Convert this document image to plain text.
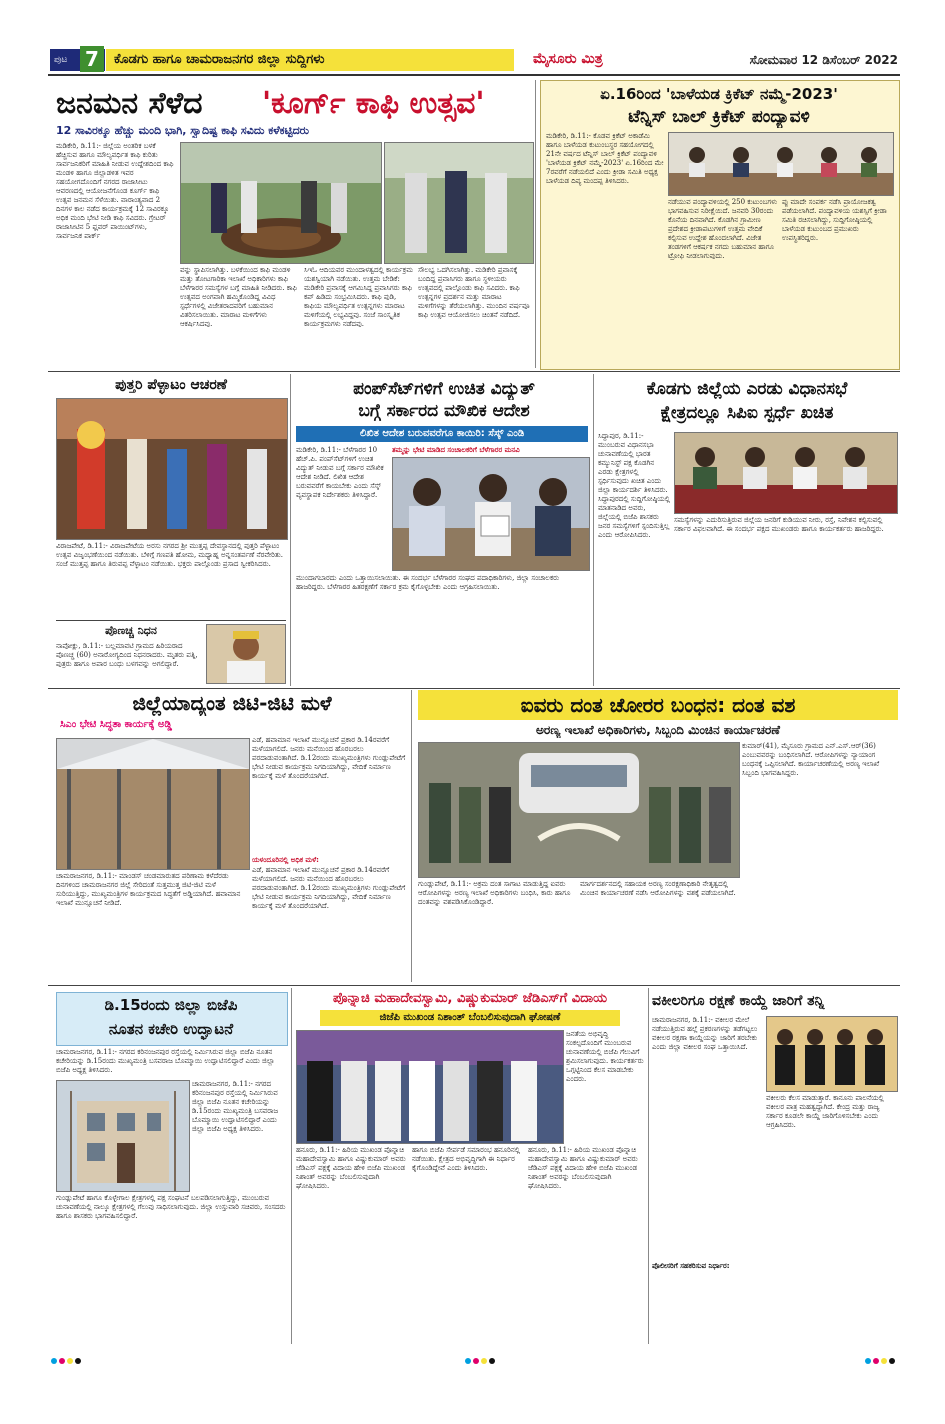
ಪುಟ 7	ಕೊಡಗು ಹಾಗೂ ಚಾಮರಾಜನಗರ ಜಿಲ್ಲಾ ಸುದ್ದಿಗಳು	ಮೈಸೂರು ಮಿತ್ರ	ಸೋಮವಾರ 12 ಡಿಸೆಂಬರ್ 2022
ಜನಮನ ಸೆಳೆದ 'ಕೂರ್ಗ್ ಕಾಫಿ ಉತ್ಸವ'
12 ಸಾವಿರಕ್ಕೂ ಹೆಚ್ಚು ಮಂದಿ ಭಾಗಿ, ಸ್ವಾದಿಷ್ಟ ಕಾಫಿ ಸವಿದು ಕಳೆಕಟ್ಟಿದರು
ಮಡಿಕೇರಿ, ಡಿ.11:- ಜಿಲ್ಲೆಯ ಅಂತರಿಕ ಬಳಕೆ ಹೆಚ್ಚಿಸುವ ಹಾಗೂ ಮೌಲ್ಯವರ್ಧಿತ ಕಾಫಿ ಕುರಿತು ಸಾರ್ವಜನಿಕರಿಗೆ ಮಾಹಿತಿ ನೀಡುವ ಉದ್ದೇಶದಿಂದ ಕಾಫಿ ಮಂಡಳಿ ಹಾಗೂ ಜಿಲ್ಲಾಡಳಿತ ಇವರ ಸಹಯೋಗದೊಂದಿಗೆ ನಗರದ ರಾಜಾಸೀಟು ಆವರಣದಲ್ಲಿ ಆಯೋಜನೆಗೊಂಡ ಕೂರ್ಗ್ ಕಾಫಿ ಉತ್ಸವ ಜನಮನ ಸೆಳೆಯಿತು. ವಾರಾಂತ್ಯವಾದ 2 ದಿನಗಳ ಕಾಲ ನಡೆದ ಕಾರ್ಯಕ್ರಮಕ್ಕೆ 12 ಸಾವಿರಕ್ಕೂ ಅಧಿಕ ಮಂದಿ ಭೇಟಿ ನೀಡಿ ಕಾಫಿ ಸವಿದರು. ಗ್ರೇಟರ್ ರಾಜಾಸೀಟಿನ 5 ಫ್ಲವರ್ ಪಾಯಿಂಟ್‌ಗಳು, ಸಾರ್ವಜನಿಕ ಪಾರ್ಕ್‌
ವನ್ನು ಸ್ಥಾಪಿಸಲಾಗಿತ್ತು. ಬಳಕೆಯಿಂದ ಕಾಫಿ ಮಂಡಳಿ ಮತ್ತು ತೋಟಗಾರಿಕಾ ಇಲಾಖೆ ಅಧಿಕಾರಿಗಳು ಕಾಫಿ ಬೆಳೆಗಾರರ ಸಮಸ್ಯೆಗಳ ಬಗ್ಗೆ ಮಾಹಿತಿ ನೀಡಿದರು. ಕಾಫಿ ಉತ್ಸವದ ಅಂಗವಾಗಿ ಹಮ್ಮಿಕೊಂಡಿದ್ದ ವಿವಿಧ ಸ್ಪರ್ಧೆಗಳಲ್ಲಿ ವಿಜೇತರಾದವರಿಗೆ ಬಹುಮಾನ ವಿತರಿಸಲಾಯಿತು. ಮಾರಾಟ ಮಳಿಗೆಗಳು ಆಕರ್ಷಿಸಿದವು.
ಸಿಇಓ ಆದಿಯವರ ಮುಂದಾಳತ್ವದಲ್ಲಿ ಕಾರ್ಯಕ್ರಮ ಯಶಸ್ವಿಯಾಗಿ ನಡೆಯಿತು. ಉತ್ತಮ ಬೇಡಿಕೆ: ಮಡಿಕೇರಿ ಪ್ರವಾಸಕ್ಕೆ ಆಗಮಿಸಿದ್ದ ಪ್ರವಾಸಿಗರು ಕಾಫಿ ಕಪ್ ಹಿಡಿದು ಸಂಭ್ರಮಿಸಿದರು. ಕಾಫಿ ಪುಡಿ, ಕಾಫಿಯ ಮೌಲ್ಯವರ್ಧಿತ ಉತ್ಪನ್ನಗಳು ಮಾರಾಟ ಮಳಿಗೆಯಲ್ಲಿ ಲಭ್ಯವಿದ್ದವು. ಸಂಜೆ ಸಾಂಸ್ಕೃತಿಕ ಕಾರ್ಯಕ್ರಮಗಳು ನಡೆದವು.
ಸೌಲಭ್ಯ ಒದಗಿಸಲಾಗಿತ್ತು. ಮಡಿಕೇರಿ ಪ್ರವಾಸಕ್ಕೆ ಬಂದಿದ್ದ ಪ್ರವಾಸಿಗರು ಹಾಗೂ ಸ್ಥಳೀಯರು ಉತ್ಸವದಲ್ಲಿ ಪಾಲ್ಗೊಂಡು ಕಾಫಿ ಸವಿದರು. ಕಾಫಿ ಉತ್ಪನ್ನಗಳ ಪ್ರದರ್ಶನ ಮತ್ತು ಮಾರಾಟ ಮಳಿಗೆಗಳನ್ನು ತೆರೆಯಲಾಗಿತ್ತು. ಮುಂದಿನ ವರ್ಷವೂ ಕಾಫಿ ಉತ್ಸವ ಆಯೋಜಿಸಲು ಚಿಂತನೆ ನಡೆದಿದೆ.
ಏ.16ರಿಂದ 'ಬಾಳೆಯಡ ಕ್ರಿಕೆಟ್ ನಮ್ಮೆ-2023'
ಟೆನ್ನಿಸ್ ಬಾಲ್ ಕ್ರಿಕೆಟ್ ಪಂದ್ಯಾವಳಿ
ಮಡಿಕೇರಿ, ಡಿ.11:- ಕೊಡವ ಕ್ರಿಕೆಟ್ ಅಕಾಡೆಮಿ ಹಾಗೂ ಬಾಳೆಯಡ ಕುಟುಂಬಸ್ಥರ ಸಹಯೋಗದಲ್ಲಿ 21ನೇ ವರ್ಷದ ಟೆನ್ನಿಸ್ ಬಾಲ್ ಕ್ರಿಕೆಟ್ ಪಂದ್ಯಾವಳಿ 'ಬಾಳೆಯಡ ಕ್ರಿಕೆಟ್ ನಮ್ಮೆ-2023' ಏ.16ರಿಂದ ಮೇ 7ರವರೆಗೆ ನಡೆಯಲಿದೆ ಎಂದು ಕ್ರೀಡಾ ಸಮಿತಿ ಅಧ್ಯಕ್ಷ ಬಾಳೆಯಡ ದಿವ್ಯ ಮಂದಪ್ಪ ತಿಳಿಸಿದರು.
ನಡೆಯುವ ಪಂದ್ಯಾವಳಿಯಲ್ಲಿ 250 ಕುಟುಂಬಗಳು ಭಾಗವಹಿಸುವ ನಿರೀಕ್ಷೆಯಿದೆ. ಜನವರಿ 30ರಂದು ಕೊನೆಯ ದಿನವಾಗಿದೆ. ಕೊಡಗಿನ ಗ್ರಾಮೀಣ ಪ್ರದೇಶದ ಕ್ರೀಡಾಪಟುಗಳಿಗೆ ಉತ್ತಮ ವೇದಿಕೆ ಕಲ್ಪಿಸುವ ಉದ್ದೇಶ ಹೊಂದಲಾಗಿದೆ. ವಿಜೇತ ತಂಡಗಳಿಗೆ ಆಕರ್ಷಕ ನಗದು ಬಹುಮಾನ ಹಾಗೂ ಟ್ರೋಫಿ ನೀಡಲಾಗುವುದು.
ಪ್ಪು ಮಾದೇ ಸಂಪರ್ಕ ನಡೆಸಿ ಪ್ರಾಯೋಜಕತ್ವ ಪಡೆಯಲಾಗಿದೆ. ಪಂದ್ಯಾವಳಿಯ ಯಶಸ್ಸಿಗೆ ಕ್ರೀಡಾ ಸಮಿತಿ ರಚಿಸಲಾಗಿದ್ದು, ಸುದ್ದಿಗೋಷ್ಠಿಯಲ್ಲಿ ಬಾಳೆಯಡ ಕುಟುಂಬದ ಪ್ರಮುಖರು ಉಪಸ್ಥಿತರಿದ್ದರು.
ಪುತ್ತರಿ ಪೆಳ್ಳಾಟಂ ಆಚರಣೆ
ವಿರಾಜಪೇಟೆ, ಡಿ.11:- ವಿರಾಜಪೇಟೆಯ ಅರಸು ನಗರದ ಶ್ರೀ ಮುತ್ತಪ್ಪ ದೇವಸ್ಥಾನದಲ್ಲಿ ಪುತ್ತರಿ ಪೆಳ್ಳಾಟಂ ಉತ್ಸವ ವಿಜೃಂಭಣೆಯಿಂದ ನಡೆಯಿತು. ಬೆಳಿಗ್ಗೆ ಗಣಪತಿ ಹೋಮ, ಮಧ್ಯಾಹ್ನ ಅನ್ನಸಂತರ್ಪಣೆ ನೆರವೇರಿತು. ಸಂಜೆ ಮುತ್ತಪ್ಪ ಹಾಗೂ ತಿರುವಪ್ಪ ವೆಳ್ಳಾಟಂ ನಡೆಯಿತು. ಭಕ್ತರು ಪಾಲ್ಗೊಂಡು ಪ್ರಸಾದ ಸ್ವೀಕರಿಸಿದರು.
ಪೊಣಚ್ಚ ನಿಧನ
ನಾಪೋಕ್ಲು, ಡಿ.11:- ಬಲ್ಲಮಾವಟಿ ಗ್ರಾಮದ ಹಿರಿಯರಾದ ಪೊಣಚ್ಚ (60) ಅನಾರೋಗ್ಯದಿಂದ ನಿಧನರಾದರು. ಮೃತರು ಪತ್ನಿ, ಪುತ್ರರು ಹಾಗೂ ಅಪಾರ ಬಂಧು ಬಳಗವನ್ನು ಅಗಲಿದ್ದಾರೆ.
ಪಂಪ್‌ಸೆಟ್‌ಗಳಿಗೆ ಉಚಿತ ವಿದ್ಯುತ್
ಬಗ್ಗೆ ಸರ್ಕಾರದ ಮೌಖಿಕ ಆದೇಶ
ಲಿಖಿತ ಆದೇಶ ಬರುವವರೆಗೂ ಕಾಯಿರಿ: ಸೆಸ್ಕ್ ಎಂಡಿ
ಮಡಿಕೇರಿ, ಡಿ.11:- ಬೆಳೆಗಾರರ 10 ಹೆಚ್.ಪಿ. ಪಂಪ್‌ಸೆಟ್‌ಗಳಿಗೆ ಉಚಿತ ವಿದ್ಯುತ್ ನೀಡುವ ಬಗ್ಗೆ ಸರ್ಕಾರ ಮೌಖಿಕ ಆದೇಶ ನೀಡಿದೆ. ಲಿಖಿತ ಆದೇಶ ಬರುವವರೆಗೆ ಕಾಯಬೇಕು ಎಂದು ಸೆಸ್ಕ್ ವ್ಯವಸ್ಥಾಪಕ ನಿರ್ದೇಶಕರು ತಿಳಿಸಿದ್ದಾರೆ.
ತಮ್ಮನ್ನು ಭೇಟಿ ಮಾಡಿದ ಸಂಚಾಲಕರಿಗೆ ಬೆಳೆಗಾರರ ಮನವಿ
ಮುಂದಾಗಬಾರದು ಎಂದು ಒತ್ತಾಯಿಸಲಾಯಿತು. ಈ ಸಂದರ್ಭ ಬೆಳೆಗಾರರ ಸಂಘದ ಪದಾಧಿಕಾರಿಗಳು, ಜಿಲ್ಲಾ ಸಂಚಾಲಕರು ಹಾಜರಿದ್ದರು. ಬೆಳೆಗಾರರ ಹಿತರಕ್ಷಣೆಗೆ ಸರ್ಕಾರ ಕ್ರಮ ಕೈಗೊಳ್ಳಬೇಕು ಎಂದು ಆಗ್ರಹಿಸಲಾಯಿತು.
ಕೊಡಗು ಜಿಲ್ಲೆಯ ಎರಡು ವಿಧಾನಸಭೆ
ಕ್ಷೇತ್ರದಲ್ಲೂ ಸಿಪಿಐ ಸ್ಪರ್ಧೆ ಖಚಿತ
ಸಿದ್ದಾಪುರ, ಡಿ.11:- ಮುಂಬರುವ ವಿಧಾನಸಭಾ ಚುನಾವಣೆಯಲ್ಲಿ ಭಾರತ ಕಮ್ಯುನಿಸ್ಟ್ ಪಕ್ಷ ಕೊಡಗಿನ ಎರಡು ಕ್ಷೇತ್ರಗಳಲ್ಲಿ ಸ್ಪರ್ಧಿಸುವುದು ಖಚಿತ ಎಂದು ಜಿಲ್ಲಾ ಕಾರ್ಯದರ್ಶಿ ತಿಳಿಸಿದರು. ಸಿದ್ದಾಪುರದಲ್ಲಿ ಸುದ್ದಿಗೋಷ್ಠಿಯಲ್ಲಿ ಮಾತನಾಡಿದ ಅವರು, ಜಿಲ್ಲೆಯಲ್ಲಿ ಬಿಜೆಪಿ ಶಾಸಕರು ಜನರ ಸಮಸ್ಯೆಗಳಿಗೆ ಸ್ಪಂದಿಸುತ್ತಿಲ್ಲ ಎಂದು ಆರೋಪಿಸಿದರು.
ಸಮಸ್ಯೆಗಳನ್ನು ಎದುರಿಸುತ್ತಿರುವ ಜಿಲ್ಲೆಯ ಜನರಿಗೆ ಕುಡಿಯುವ ನೀರು, ರಸ್ತೆ, ನಿವೇಶನ ಕಲ್ಪಿಸುವಲ್ಲಿ ಸರ್ಕಾರ ವಿಫಲವಾಗಿದೆ. ಈ ಸಂದರ್ಭ ಪಕ್ಷದ ಮುಖಂಡರು ಹಾಗೂ ಕಾರ್ಯಕರ್ತರು ಹಾಜರಿದ್ದರು.
ಜಿಲ್ಲೆಯಾದ್ಯಂತ ಜಿಟಿ-ಜಿಟಿ ಮಳೆ
ಸಿಎಂ ಭೇಟಿ ಸಿದ್ಧತಾ ಕಾರ್ಯಕ್ಕೆ ಅಡ್ಡಿ
ಚಾಮರಾಜನಗರ, ಡಿ.11:- ಮಾಂಡಸ್ ಚಂಡಮಾರುತದ ಪರಿಣಾಮ ಕಳೆದೆರಡು ದಿನಗಳಿಂದ ಚಾಮರಾಜನಗರ ಜಿಲ್ಲೆ ಸೇರಿದಂತೆ ಸುತ್ತಮುತ್ತ ಜಿಟಿ-ಜಿಟಿ ಮಳೆ ಸುರಿಯುತ್ತಿದ್ದು, ಮುಖ್ಯಮಂತ್ರಿಗಳ ಕಾರ್ಯಕ್ರಮದ ಸಿದ್ಧತೆಗೆ ಅಡ್ಡಿಯಾಗಿದೆ. ಹವಾಮಾನ ಇಲಾಖೆ ಮುನ್ಸೂಚನೆ ನೀಡಿದೆ.
ಎಡೆ, ಹವಾಮಾನ ಇಲಾಖೆ ಮುನ್ಸೂಚನೆ ಪ್ರಕಾರ ಡಿ.14ರವರೆಗೆ ಮಳೆಯಾಗಲಿದೆ. ಜನರು ಮನೆಯಿಂದ ಹೊರಬರಲು ಪರದಾಡುವಂತಾಗಿದೆ. ಡಿ.12ರಂದು ಮುಖ್ಯಮಂತ್ರಿಗಳು ಗುಂಡ್ಲುಪೇಟೆಗೆ ಭೇಟಿ ನೀಡುವ ಕಾರ್ಯಕ್ರಮ ನಿಗದಿಯಾಗಿದ್ದು, ವೇದಿಕೆ ನಿರ್ಮಾಣ ಕಾರ್ಯಕ್ಕೆ ಮಳೆ ತೊಂದರೆಯಾಗಿದೆ.
ಯಳಂದೂರಿನಲ್ಲಿ ಅಧಿಕ ಮಳೆ:
ಎಡೆ, ಹವಾಮಾನ ಇಲಾಖೆ ಮುನ್ಸೂಚನೆ ಪ್ರಕಾರ ಡಿ.14ರವರೆಗೆ ಮಳೆಯಾಗಲಿದೆ. ಜನರು ಮನೆಯಿಂದ ಹೊರಬರಲು ಪರದಾಡುವಂತಾಗಿದೆ. ಡಿ.12ರಂದು ಮುಖ್ಯಮಂತ್ರಿಗಳು ಗುಂಡ್ಲುಪೇಟೆಗೆ ಭೇಟಿ ನೀಡುವ ಕಾರ್ಯಕ್ರಮ ನಿಗದಿಯಾಗಿದ್ದು, ವೇದಿಕೆ ನಿರ್ಮಾಣ ಕಾರ್ಯಕ್ಕೆ ಮಳೆ ತೊಂದರೆಯಾಗಿದೆ.
ಐವರು ದಂತ ಚೋರರ ಬಂಧನ: ದಂತ ವಶ
ಅರಣ್ಯ ಇಲಾಖೆ ಅಧಿಕಾರಿಗಳು, ಸಿಬ್ಬಂದಿ ಮಿಂಚಿನ ಕಾರ್ಯಾಚರಣೆ
ಕುಮಾರ್(41), ಮೈಸೂರು ಗ್ರಾಮದ ಎನ್.ಎಸ್.ಆರ್(36) ಎಂಬುವವರನ್ನು ಬಂಧಿಸಲಾಗಿದೆ. ಆರೋಪಿಗಳನ್ನು ನ್ಯಾಯಾಂಗ ಬಂಧನಕ್ಕೆ ಒಪ್ಪಿಸಲಾಗಿದೆ. ಕಾರ್ಯಾಚರಣೆಯಲ್ಲಿ ಅರಣ್ಯ ಇಲಾಖೆ ಸಿಬ್ಬಂದಿ ಭಾಗವಹಿಸಿದ್ದರು.
ಗುಂಡ್ಲುಪೇಟೆ, ಡಿ.11:- ಅಕ್ರಮ ದಂತ ಸಾಗಾಟ ಮಾಡುತ್ತಿದ್ದ ಐವರು ಆರೋಪಿಗಳನ್ನು ಅರಣ್ಯ ಇಲಾಖೆ ಅಧಿಕಾರಿಗಳು ಬಂಧಿಸಿ, ಕಾರು ಹಾಗೂ ದಂತವನ್ನು ವಶಪಡಿಸಿಕೊಂಡಿದ್ದಾರೆ.
ಮಾರ್ಗದರ್ಶನದಲ್ಲಿ ಸಹಾಯಕ ಅರಣ್ಯ ಸಂರಕ್ಷಣಾಧಿಕಾರಿ ನೇತೃತ್ವದಲ್ಲಿ ಮಿಂಚಿನ ಕಾರ್ಯಾಚರಣೆ ನಡೆಸಿ ಆರೋಪಿಗಳನ್ನು ವಶಕ್ಕೆ ಪಡೆಯಲಾಗಿದೆ.
ಡಿ.15ರಂದು ಜಿಲ್ಲಾ ಬಿಜೆಪಿ
ನೂತನ ಕಚೇರಿ ಉದ್ಘಾಟನೆ
ಚಾಮರಾಜನಗರ, ಡಿ.11:- ನಗರದ ಕರಿನಂಜನಪುರ ರಸ್ತೆಯಲ್ಲಿ ನಿರ್ಮಿಸಿರುವ ಜಿಲ್ಲಾ ಬಿಜೆಪಿ ನೂತನ ಕಚೇರಿಯನ್ನು ಡಿ.15ರಂದು ಮುಖ್ಯಮಂತ್ರಿ ಬಸವರಾಜ ಬೊಮ್ಮಾಯಿ ಉದ್ಘಾಟಿಸಲಿದ್ದಾರೆ ಎಂದು ಜಿಲ್ಲಾ ಬಿಜೆಪಿ ಅಧ್ಯಕ್ಷ ತಿಳಿಸಿದರು.
ಚಾಮರಾಜನಗರ, ಡಿ.11:- ನಗರದ ಕರಿನಂಜನಪುರ ರಸ್ತೆಯಲ್ಲಿ ನಿರ್ಮಿಸಿರುವ ಜಿಲ್ಲಾ ಬಿಜೆಪಿ ನೂತನ ಕಚೇರಿಯನ್ನು ಡಿ.15ರಂದು ಮುಖ್ಯಮಂತ್ರಿ ಬಸವರಾಜ ಬೊಮ್ಮಾಯಿ ಉದ್ಘಾಟಿಸಲಿದ್ದಾರೆ ಎಂದು ಜಿಲ್ಲಾ ಬಿಜೆಪಿ ಅಧ್ಯಕ್ಷ ತಿಳಿಸಿದರು.
ಗುಂಡ್ಲುಪೇಟೆ ಹಾಗೂ ಕೊಳ್ಳೇಗಾಲ ಕ್ಷೇತ್ರಗಳಲ್ಲಿ ಪಕ್ಷ ಸಂಘಟನೆ ಬಲಪಡಿಸಲಾಗುತ್ತಿದ್ದು, ಮುಂಬರುವ ಚುನಾವಣೆಯಲ್ಲಿ ನಾಲ್ಕೂ ಕ್ಷೇತ್ರಗಳಲ್ಲಿ ಗೆಲುವು ಸಾಧಿಸಲಾಗುವುದು. ಜಿಲ್ಲಾ ಉಸ್ತುವಾರಿ ಸಚಿವರು, ಸಂಸದರು ಹಾಗೂ ಶಾಸಕರು ಭಾಗವಹಿಸಲಿದ್ದಾರೆ.
ಪೊನ್ನಾಚಿ ಮಹಾದೇವಸ್ವಾಮಿ, ವಿಷ್ಣುಕುಮಾರ್ ಜೆಡಿಎಸ್‌ಗೆ ವಿದಾಯ
ಜಿಜೆಪಿ ಮುಖಂಡ ನಿಶಾಂತ್ ಬೆಂಬಲಿಸುವುದಾಗಿ ಘೋಷಣೆ
ಜನತೆಯ ಅಭಿವೃದ್ಧಿ ಸಂಕಲ್ಪದೊಂದಿಗೆ ಮುಂಬರುವ ಚುನಾವಣೆಯಲ್ಲಿ ಬಿಜೆಪಿ ಗೆಲುವಿಗೆ ಶ್ರಮಿಸಲಾಗುವುದು. ಕಾರ್ಯಕರ್ತರು ಒಗ್ಗಟ್ಟಿನಿಂದ ಕೆಲಸ ಮಾಡಬೇಕು ಎಂದರು.
ಹನೂರು, ಡಿ.11:- ಹಿರಿಯ ಮುಖಂಡ ಪೊನ್ನಾಚಿ ಮಹಾದೇವಸ್ವಾಮಿ ಹಾಗೂ ವಿಷ್ಣುಕುಮಾರ್ ಅವರು ಜೆಡಿಎಸ್ ಪಕ್ಷಕ್ಕೆ ವಿದಾಯ ಹೇಳಿ ಬಿಜೆಪಿ ಮುಖಂಡ ನಿಶಾಂತ್ ಅವರನ್ನು ಬೆಂಬಲಿಸುವುದಾಗಿ ಘೋಷಿಸಿದರು.
ಹಾಗೂ ಬಿಜೆಪಿ ಸೇರ್ಪಡೆ ಸಮಾರಂಭ ಹನೂರಿನಲ್ಲಿ ನಡೆಯಿತು. ಕ್ಷೇತ್ರದ ಅಭಿವೃದ್ಧಿಗಾಗಿ ಈ ನಿರ್ಧಾರ ಕೈಗೊಂಡಿದ್ದೇವೆ ಎಂದು ತಿಳಿಸಿದರು.
ಹನೂರು, ಡಿ.11:- ಹಿರಿಯ ಮುಖಂಡ ಪೊನ್ನಾಚಿ ಮಹಾದೇವಸ್ವಾಮಿ ಹಾಗೂ ವಿಷ್ಣುಕುಮಾರ್ ಅವರು ಜೆಡಿಎಸ್ ಪಕ್ಷಕ್ಕೆ ವಿದಾಯ ಹೇಳಿ ಬಿಜೆಪಿ ಮುಖಂಡ ನಿಶಾಂತ್ ಅವರನ್ನು ಬೆಂಬಲಿಸುವುದಾಗಿ ಘೋಷಿಸಿದರು.
ವಕೀಲರಿಗೂ ರಕ್ಷಣೆ ಕಾಯ್ದೆ ಜಾರಿಗೆ ತನ್ನಿ
ಚಾಮರಾಜನಗರ, ಡಿ.11:- ವಕೀಲರ ಮೇಲೆ ನಡೆಯುತ್ತಿರುವ ಹಲ್ಲೆ ಪ್ರಕರಣಗಳನ್ನು ತಡೆಗಟ್ಟಲು ವಕೀಲರ ರಕ್ಷಣಾ ಕಾಯ್ದೆಯನ್ನು ಜಾರಿಗೆ ತರಬೇಕು ಎಂದು ಜಿಲ್ಲಾ ವಕೀಲರ ಸಂಘ ಒತ್ತಾಯಿಸಿದೆ.
ವಕೀಲರು ಕೆಲಸ ಮಾಡುತ್ತಾರೆ. ಕಾನೂನು ಪಾಲನೆಯಲ್ಲಿ ವಕೀಲರ ಪಾತ್ರ ಮಹತ್ವದ್ದಾಗಿದೆ. ಕೇಂದ್ರ ಮತ್ತು ರಾಜ್ಯ ಸರ್ಕಾರ ಕೂಡಲೇ ಕಾಯ್ದೆ ಜಾರಿಗೊಳಿಸಬೇಕು ಎಂದು ಆಗ್ರಹಿಸಿದರು.
ಪೊಲೀಸರಿಗೆ ಸಹಕರಿಸುವ ನಿರ್ಧಾರ:
